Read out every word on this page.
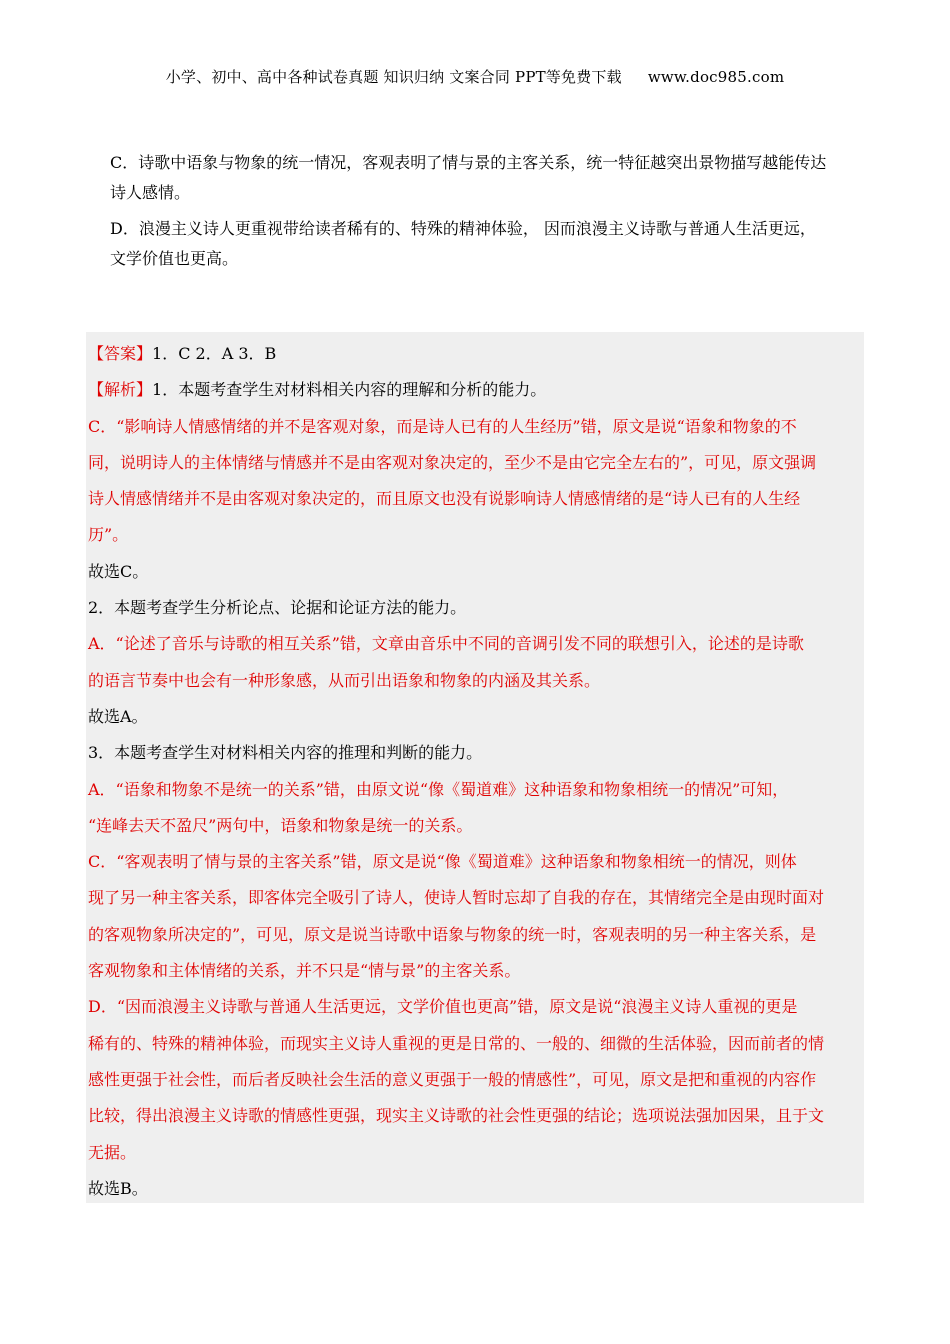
小学、初中、高中各种试卷真题 知识归纳 文案合同 PPT等免费下载 www.doc985.com

C．诗歌中语象与物象的统一情况，客观表明了情与景的主客关系，统一特征越突出景物描写越能传达

诗人感情。

D．浪漫主义诗人更重视带给读者稀有的、特殊的精神体验， 因而浪漫主义诗歌与普通人生活更远，

文学价值也更高。

【答案】1．C 2．A 3．B

【解析】1．本题考查学生对材料相关内容的理解和分析的能力。

C．“影响诗人情感情绪的并不是客观对象，而是诗人已有的人生经历”错，原文是说“语象和物象的不

同，说明诗人的主体情绪与情感并不是由客观对象决定的，至少不是由它完全左右的”，可见，原文强调

诗人情感情绪并不是由客观对象决定的，而且原文也没有说影响诗人情感情绪的是“诗人已有的人生经

历”。

故选C。

2．本题考查学生分析论点、论据和论证方法的能力。

A．“论述了音乐与诗歌的相互关系”错，文章由音乐中不同的音调引发不同的联想引入，论述的是诗歌

的语言节奏中也会有一种形象感，从而引出语象和物象的内涵及其关系。

故选A。

3．本题考查学生对材料相关内容的推理和判断的能力。

A．“语象和物象不是统一的关系”错，由原文说“像《蜀道难》这种语象和物象相统一的情况”可知，

“连峰去天不盈尺”两句中，语象和物象是统一的关系。

C．“客观表明了情与景的主客关系”错，原文是说“像《蜀道难》这种语象和物象相统一的情况，则体

现了另一种主客关系，即客体完全吸引了诗人，使诗人暂时忘却了自我的存在，其情绪完全是由现时面对

的客观物象所决定的”，可见，原文是说当诗歌中语象与物象的统一时，客观表明的另一种主客关系，是

客观物象和主体情绪的关系，并不只是“情与景”的主客关系。

D．“因而浪漫主义诗歌与普通人生活更远，文学价值也更高”错，原文是说“浪漫主义诗人重视的更是

稀有的、特殊的精神体验，而现实主义诗人重视的更是日常的、一般的、细微的生活体验，因而前者的情

感性更强于社会性，而后者反映社会生活的意义更强于一般的情感性”，可见，原文是把和重视的内容作

比较，得出浪漫主义诗歌的情感性更强，现实主义诗歌的社会性更强的结论；选项说法强加因果，且于文

无据。

故选B。
